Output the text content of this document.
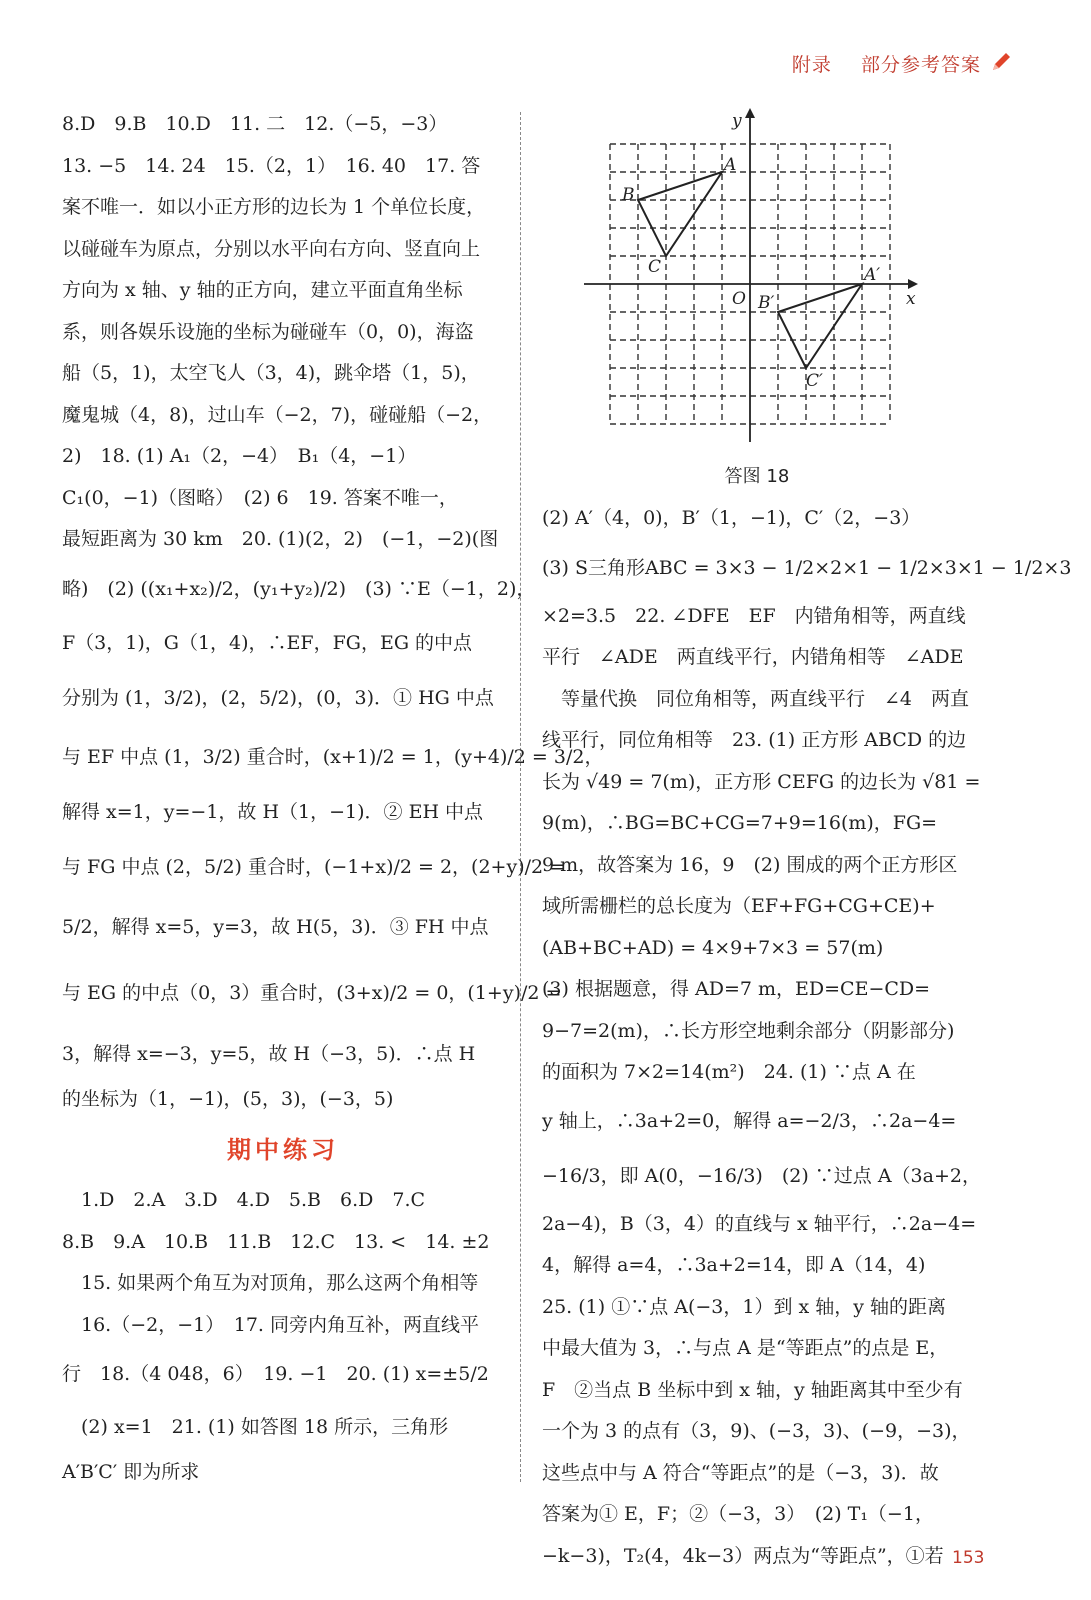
附录 部分参考答案

8.D　9.B　10.D　11. 二　12.（−5，−3）

13. −5　14. 24　15.（2，1）　16. 40　17. 答

案不唯一．如以小正方形的边长为 1 个单位长度，

以碰碰车为原点，分别以水平向右方向、竖直向上

方向为 x 轴、y 轴的正方向，建立平面直角坐标

系，则各娱乐设施的坐标为碰碰车（0，0)，海盗

船（5，1)，太空飞人（3，4)，跳伞塔（1，5)，

魔鬼城（4，8)，过山车（−2，7)，碰碰船（−2，

2)　18. (1) A₁（2，−4）　B₁（4，−1）

C₁(0，−1)（图略）　(2) 6　19. 答案不唯一，

最短距离为 30 km　20. (1)(2，2)　(−1，−2)(图

略)　(2) ((x₁+x₂)/2，(y₁+y₂)/2)　(3) ∵E（−1，2)，

F（3，1)，G（1，4)，∴EF，FG，EG 的中点

分别为 (1，3/2)，(2，5/2)，(0，3)．① HG 中点

与 EF 中点 (1，3/2) 重合时，(x+1)/2 = 1，(y+4)/2 = 3/2，

解得 x=1，y=−1，故 H（1，−1)．② EH 中点

与 FG 中点 (2，5/2) 重合时，(−1+x)/2 = 2，(2+y)/2 =

5/2，解得 x=5，y=3，故 H(5，3)．③ FH 中点

与 EG 的中点（0，3）重合时，(3+x)/2 = 0，(1+y)/2 =

3，解得 x=−3，y=5，故 H（−3，5)．∴点 H

的坐标为（1，−1)，(5，3)，(−3，5)

期中练习

　1.D　2.A　3.D　4.D　5.B　6.D　7.C

8.B　9.A　10.B　11.B　12.C　13. <　14. ±2

　15. 如果两个角互为对顶角，那么这两个角相等

　16.（−2，−1）　17. 同旁内角互补，两直线平

行　18.（4 048，6）　19. −1　20. (1) x=±5/2

　(2) x=1　21. (1) 如答图 18 所示，三角形

A′B′C′ 即为所求

y
x
O
A
B
C	A′
B′
C′
答图 18

(2) A′（4，0)，B′（1，−1)，C′（2，−3）

(3) S三角形ABC = 3×3 − 1/2×2×1 − 1/2×3×1 − 1/2×3

×2=3.5　22. ∠DFE　EF　内错角相等，两直线

平行　∠ADE　两直线平行，内错角相等　∠ADE

　等量代换　同位角相等，两直线平行　∠4　两直

线平行，同位角相等　23. (1) 正方形 ABCD 的边

长为 √49 = 7(m)，正方形 CEFG 的边长为 √81 =

9(m)，∴BG=BC+CG=7+9=16(m)，FG=

9 m，故答案为 16，9　(2) 围成的两个正方形区

域所需栅栏的总长度为（EF+FG+CG+CE)+

(AB+BC+AD) = 4×9+7×3 = 57(m)

(3) 根据题意，得 AD=7 m，ED=CE−CD=

9−7=2(m)，∴长方形空地剩余部分（阴影部分)

的面积为 7×2=14(m²)　24. (1) ∵点 A 在

y 轴上，∴3a+2=0，解得 a=−2/3，∴2a−4=

−16/3，即 A(0，−16/3)　(2) ∵过点 A（3a+2，

2a−4)，B（3，4）的直线与 x 轴平行，∴2a−4=

4，解得 a=4，∴3a+2=14，即 A（14，4)

25. (1) ①∵点 A(−3，1）到 x 轴，y 轴的距离

中最大值为 3，∴与点 A 是“等距点”的点是 E，

F　②当点 B 坐标中到 x 轴，y 轴距离其中至少有

一个为 3 的点有（3，9)、(−3，3)、(−9，−3)，

这些点中与 A 符合“等距点”的是（−3，3)．故

答案为① E，F；②（−3，3）　(2) T₁（−1，

−k−3)，T₂(4，4k−3）两点为“等距点”，①若 153
